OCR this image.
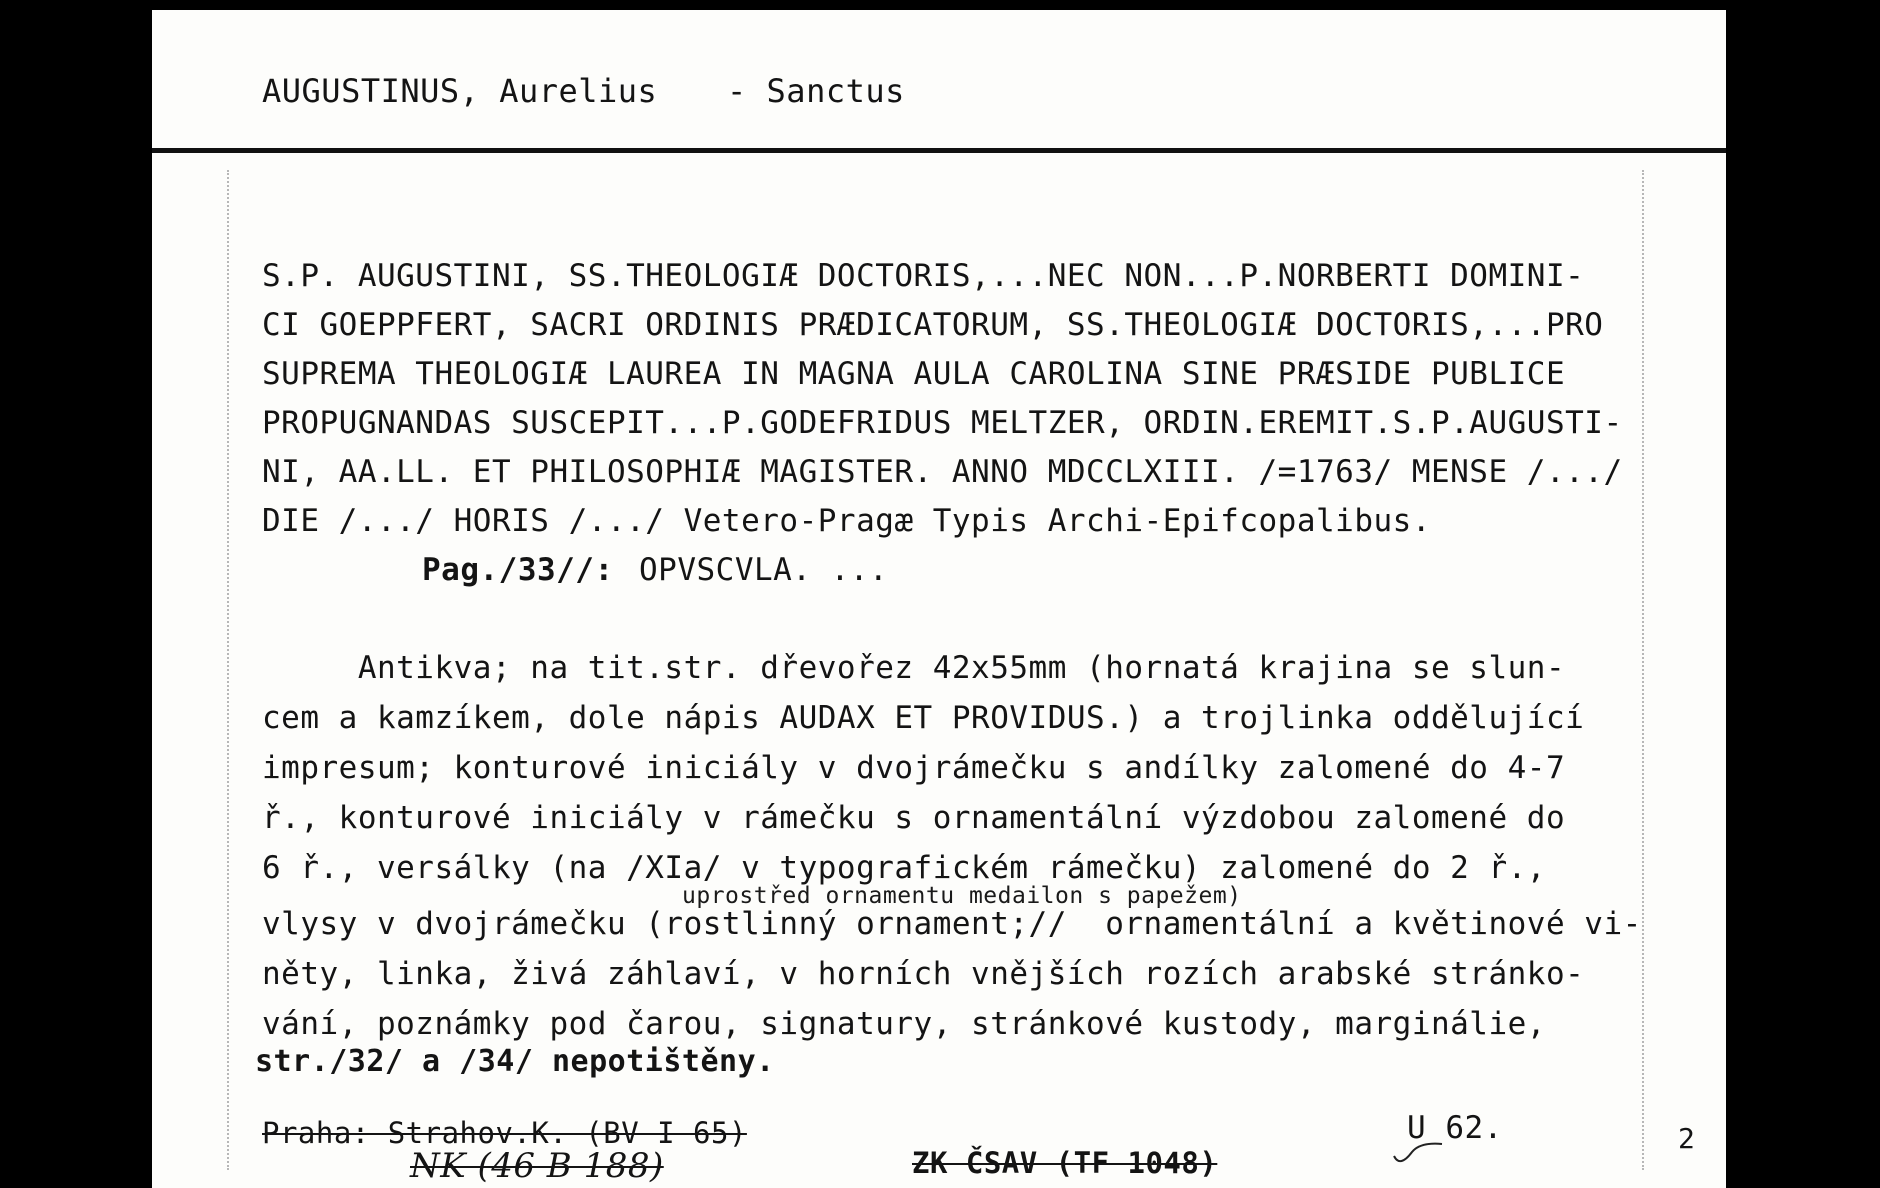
AUGUSTINUS, Aurelius - Sanctus
S.P. AUGUSTINI, SS.THEOLOGIÆ DOCTORIS,...NEC NON...P.NORBERTI DOMINI-
CI GOEPPFERT, SACRI ORDINIS PRÆDICATORUM, SS.THEOLOGIÆ DOCTORIS,...PRO
SUPREMA THEOLOGIÆ LAUREA IN MAGNA AULA CAROLINA SINE PRÆSIDE PUBLICE
PROPUGNANDAS SUSCEPIT...P.GODEFRIDUS MELTZER, ORDIN.EREMIT.S.P.AUGUSTI-
NI, AA.LL. ET PHILOSOPHIÆ MAGISTER. ANNO MDCCLXIII. /=1763/ MENSE /.../
DIE /.../ HORIS /.../ Vetero-Pragæ Typis Archi-Epifcopalibus.
Pag./33//: OPVSCVLA. ...
Antikva; na tit.str. dřevořez 42x55mm (hornatá krajina se slun-
cem a kamzíkem, dole nápis AUDAX ET PROVIDUS.) a trojlinka oddělující
impresum; konturové iniciály v dvojrámečku s andílky zalomené do 4-7
ř., konturové iniciály v rámečku s ornamentální výzdobou zalomené do
6 ř., versálky (na /XIa/ v typografickém rámečku) zalomené do 2 ř.,
uprostřed ornamentu medailon s papežem)
vlysy v dvojrámečku (rostlinný ornament;//  ornamentální a květinové vi-
něty, linka, živá záhlaví, v horních vnějších rozích arabské stránko-
vání, poznámky pod čarou, signatury, stránkové kustody, marginálie,
str./32/ a /34/ nepotištěny.
Praha: Strahov.K. (BV I 65)
NK (46 B 188)	ZK ČSAV (TF 1048)
U 62.	2
